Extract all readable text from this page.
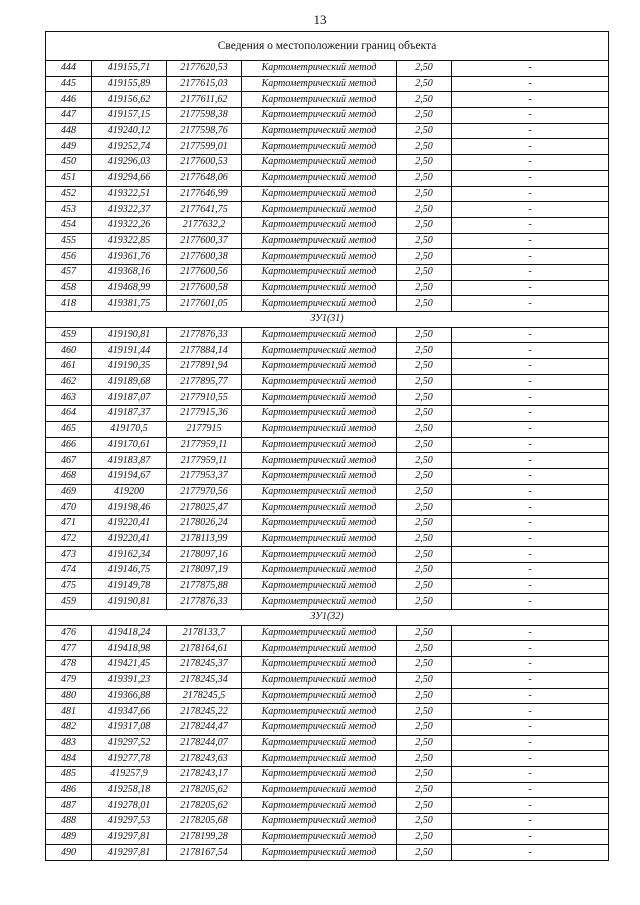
13
Сведения о местоположении границ объекта					
444	419155,71	2177620,53	Картометрический метод	2,50	-
445	419155,89	2177615,03	Картометрический метод	2,50	-
446	419156,62	2177611,62	Картометрический метод	2,50	-
447	419157,15	2177598,38	Картометрический метод	2,50	-
448	419240,12	2177598,76	Картометрический метод	2,50	-
449	419252,74	2177599,01	Картометрический метод	2,50	-
450	419296,03	2177600,53	Картометрический метод	2,50	-
451	419294,66	2177648,06	Картометрический метод	2,50	-
452	419322,51	2177646,99	Картометрический метод	2,50	-
453	419322,37	2177641,75	Картометрический метод	2,50	-
454	419322,26	2177632,2	Картометрический метод	2,50	-
455	419322,85	2177600,37	Картометрический метод	2,50	-
456	419361,76	2177600,38	Картометрический метод	2,50	-
457	419368,16	2177600,56	Картометрический метод	2,50	-
458	419468,99	2177600,58	Картометрический метод	2,50	-
418	419381,75	2177601,05	Картометрический метод	2,50	-
ЗУ1(31)					
459	419190,81	2177876,33	Картометрический метод	2,50	-
460	419191,44	2177884,14	Картометрический метод	2,50	-
461	419190,35	2177891,94	Картометрический метод	2,50	-
462	419189,68	2177895,77	Картометрический метод	2,50	-
463	419187,07	2177910,55	Картометрический метод	2,50	-
464	419187,37	2177915,36	Картометрический метод	2,50	-
465	419170,5	2177915	Картометрический метод	2,50	-
466	419170,61	2177959,11	Картометрический метод	2,50	-
467	419183,87	2177959,11	Картометрический метод	2,50	-
468	419194,67	2177953,37	Картометрический метод	2,50	-
469	419200	2177970,56	Картометрический метод	2,50	-
470	419198,46	2178025,47	Картометрический метод	2,50	-
471	419220,41	2178026,24	Картометрический метод	2,50	-
472	419220,41	2178113,99	Картометрический метод	2,50	-
473	419162,34	2178097,16	Картометрический метод	2,50	-
474	419146,75	2178097,19	Картометрический метод	2,50	-
475	419149,78	2177875,88	Картометрический метод	2,50	-
459	419190,81	2177876,33	Картометрический метод	2,50	-
ЗУ1(32)					
476	419418,24	2178133,7	Картометрический метод	2,50	-
477	419418,98	2178164,61	Картометрический метод	2,50	-
478	419421,45	2178245,37	Картометрический метод	2,50	-
479	419391,23	2178245,34	Картометрический метод	2,50	-
480	419366,88	2178245,5	Картометрический метод	2,50	-
481	419347,66	2178245,22	Картометрический метод	2,50	-
482	419317,08	2178244,47	Картометрический метод	2,50	-
483	419297,52	2178244,07	Картометрический метод	2,50	-
484	419277,78	2178243,63	Картометрический метод	2,50	-
485	419257,9	2178243,17	Картометрический метод	2,50	-
486	419258,18	2178205,62	Картометрический метод	2,50	-
487	419278,01	2178205,62	Картометрический метод	2,50	-
488	419297,53	2178205,68	Картометрический метод	2,50	-
489	419297,81	2178199,28	Картометрический метод	2,50	-
490	419297,81	2178167,54	Картометрический метод	2,50	-
